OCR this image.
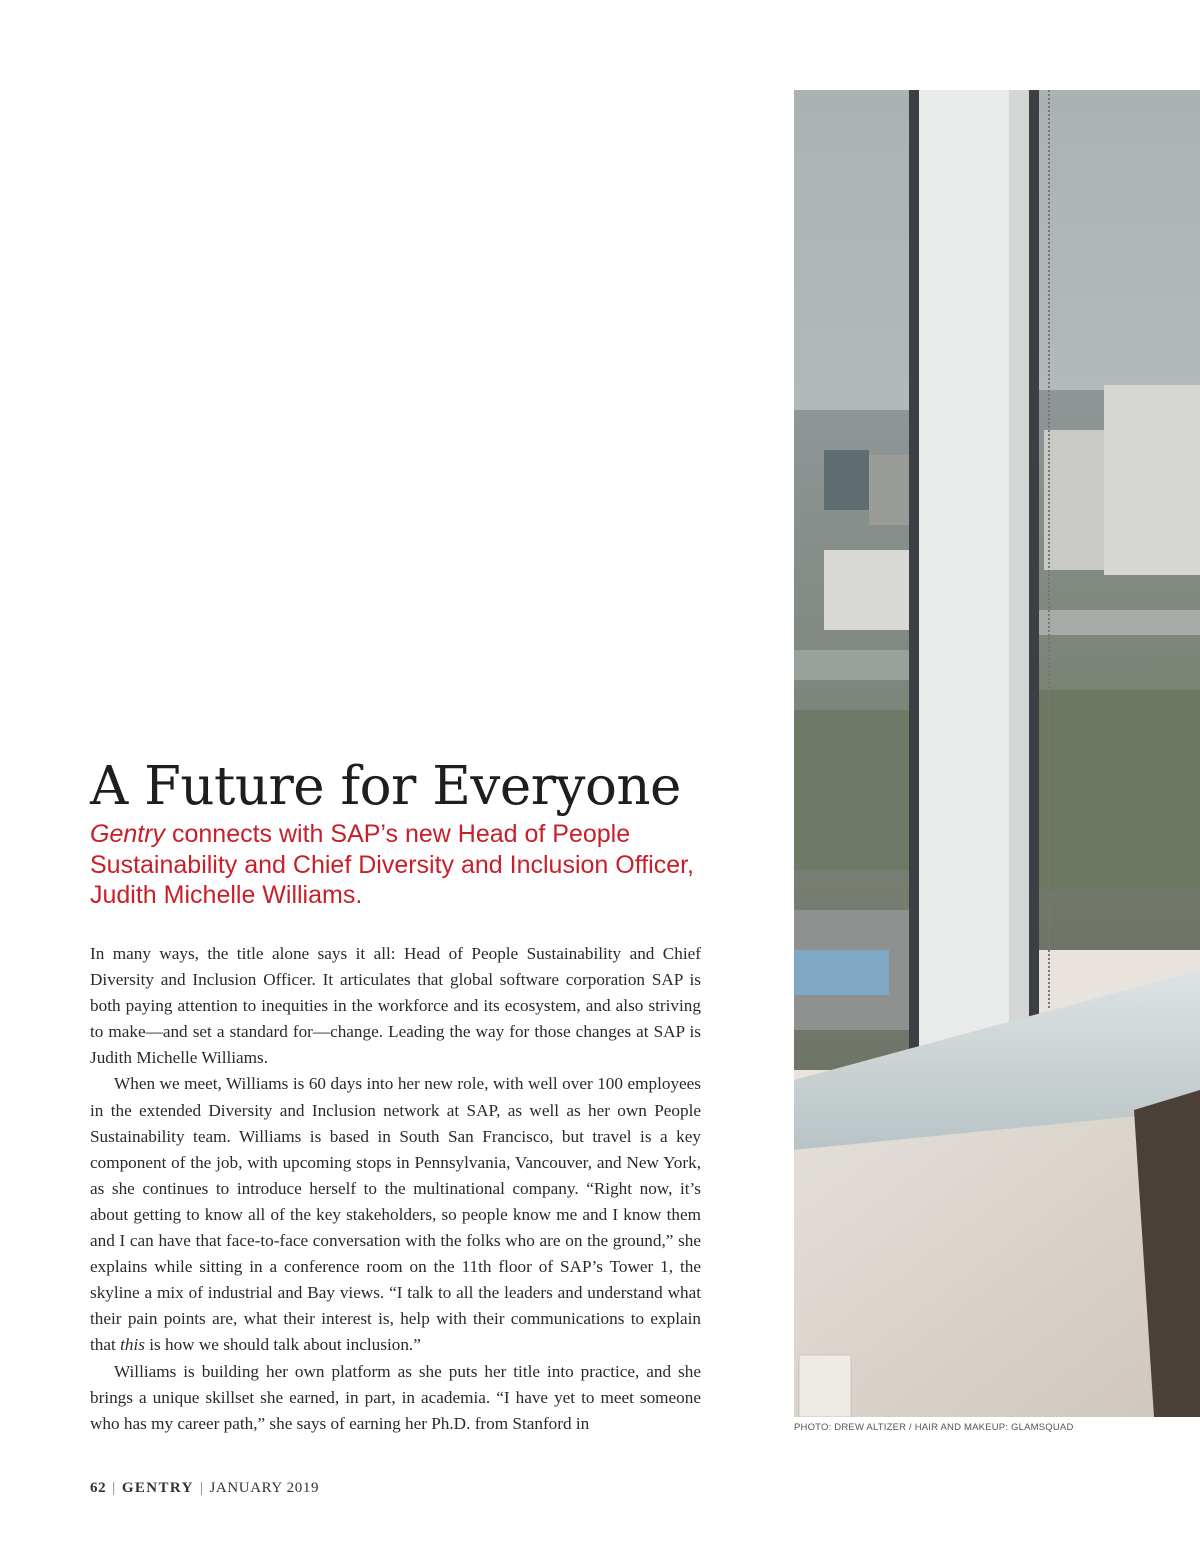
A Future for Everyone

Gentry connects with SAP’s new Head of People Sustainability and Chief Diversity and Inclusion Officer, Judith Michelle Williams.

In many ways, the title alone says it all: Head of People Sustainability and Chief Diversity and Inclusion Officer. It articulates that global software corporation SAP is both paying attention to inequities in the workforce and its ecosystem, and also striving to make—and set a standard for—change. Leading the way for those changes at SAP is Judith Michelle Williams.

When we meet, Williams is 60 days into her new role, with well over 100 employees in the extended Diversity and Inclusion network at SAP, as well as her own People Sustainability team. Williams is based in South San Francisco, but travel is a key component of the job, with upcoming stops in Pennsylvania, Vancouver, and New York, as she continues to introduce herself to the multinational company. “Right now, it’s about getting to know all of the key stakeholders, so people know me and I know them and I can have that face-to-face conversation with the folks who are on the ground,” she explains while sitting in a conference room on the 11th floor of SAP’s Tower 1, the skyline a mix of industrial and Bay views. “I talk to all the leaders and understand what their pain points are, what their interest is, help with their communications to explain that this is how we should talk about inclusion.”

Williams is building her own platform as she puts her title into practice, and she brings a unique skillset she earned, in part, in academia. “I have yet to meet someone who has my career path,” she says of earning her Ph.D. from Stanford in	PHOTO: DREW ALTIZER / HAIR AND MAKEUP: GLAMSQUAD
62 | GENTRY | JANUARY 2019
